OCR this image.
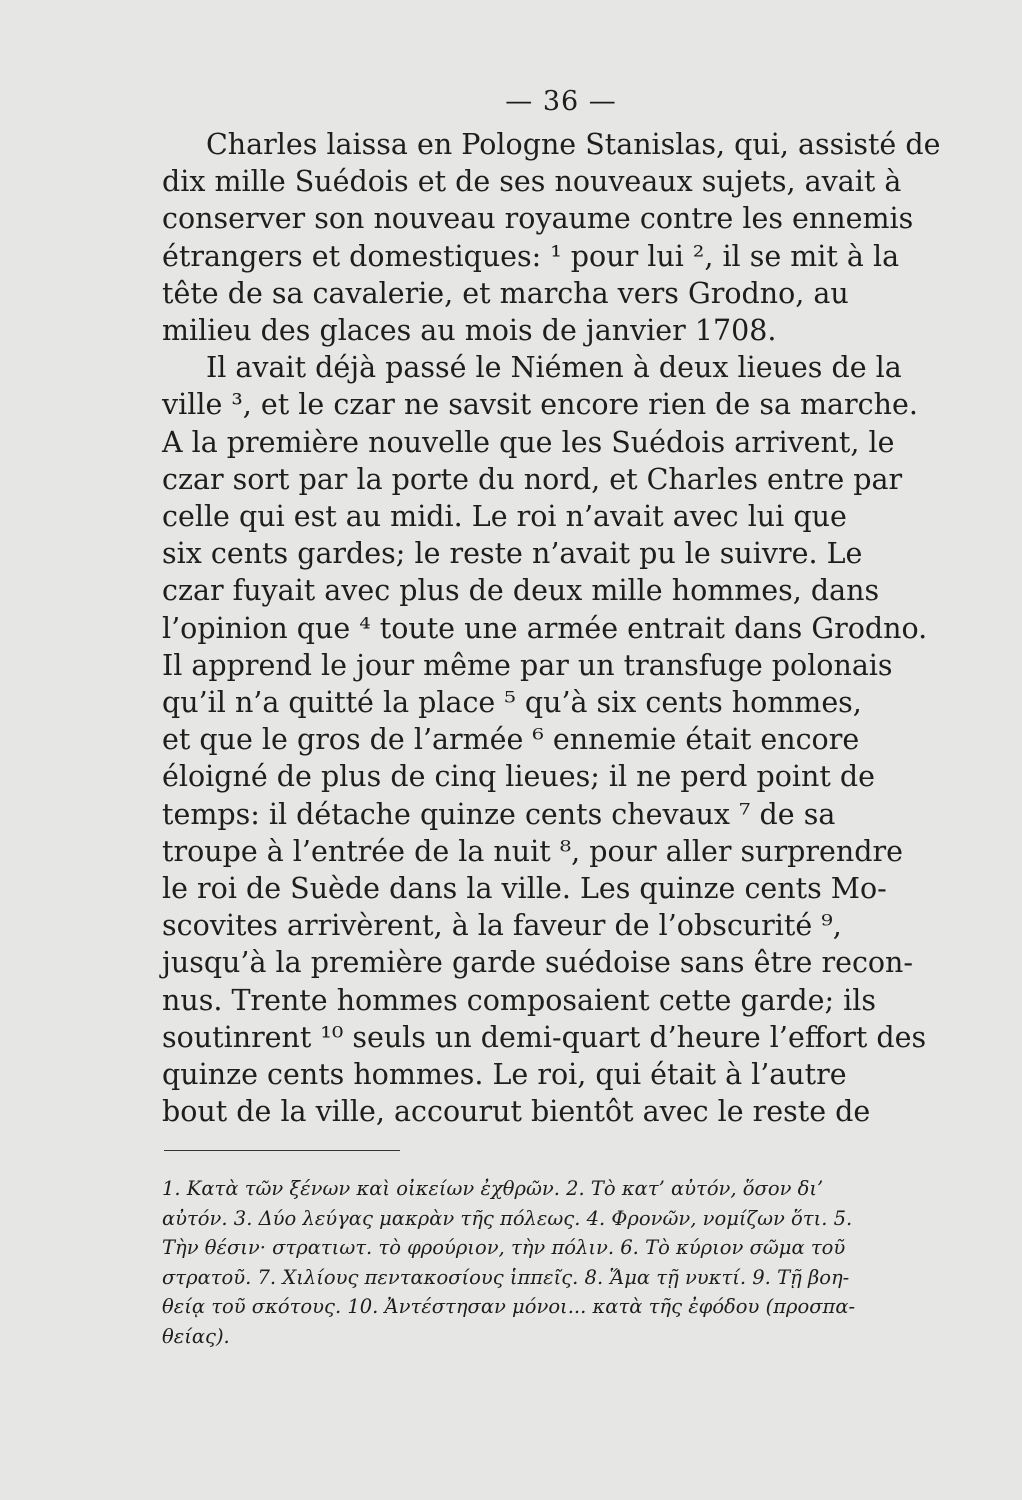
— 36 —

Charles laissa en Pologne Stanislas, qui, assisté de
dix mille Suédois et de ses nouveaux sujets, avait à
conserver son nouveau royaume contre les ennemis
étrangers et domestiques: ¹ pour lui ², il se mit à la
tête de sa cavalerie, et marcha vers Grodno, au
milieu des glaces au mois de janvier 1708.

Il avait déjà passé le Niémen à deux lieues de la
ville ³, et le czar ne savsit encore rien de sa marche.
A la première nouvelle que les Suédois arrivent, le
czar sort par la porte du nord, et Charles entre par
celle qui est au midi. Le roi n’avait avec lui que
six cents gardes; le reste n’avait pu le suivre. Le
czar fuyait avec plus de deux mille hommes, dans
l’opinion que ⁴ toute une armée entrait dans Grodno.
Il apprend le jour même par un transfuge polonais
qu’il n’a quitté la place ⁵ qu’à six cents hommes,
et que le gros de l’armée ⁶ ennemie était encore
éloigné de plus de cinq lieues; il ne perd point de
temps: il détache quinze cents chevaux ⁷ de sa
troupe à l’entrée de la nuit ⁸, pour aller surprendre
le roi de Suède dans la ville. Les quinze cents Mo-
scovites arrivèrent, à la faveur de l’obscurité ⁹,
jusqu’à la première garde suédoise sans être recon-
nus. Trente hommes composaient cette garde; ils
soutinrent ¹⁰ seuls un demi-quart d’heure l’effort des
quinze cents hommes. Le roi, qui était à l’autre
bout de la ville, accourut bientôt avec le reste de

1. Κατὰ τῶν ξένων καὶ οἰκείων ἐχθρῶν. 2. Τὸ κατ’ αὐτόν, ὅσον δι’
αὐτόν. 3. Δύο λεύγας μακρὰν τῆς πόλεως. 4. Φρονῶν, νομίζων ὅτι. 5.
Τὴν θέσιν· στρατιωτ. τὸ φρούριον, τὴν πόλιν. 6. Τὸ κύριον σῶμα τοῦ
στρατοῦ. 7. Χιλίους πεντακοσίους ἱππεῖς. 8. Ἅμα τῇ νυκτί. 9. Τῇ βοη-
θείᾳ τοῦ σκότους. 10. Ἀντέστησαν μόνοι... κατὰ τῆς ἐφόδου (προσπα-
θείας).
